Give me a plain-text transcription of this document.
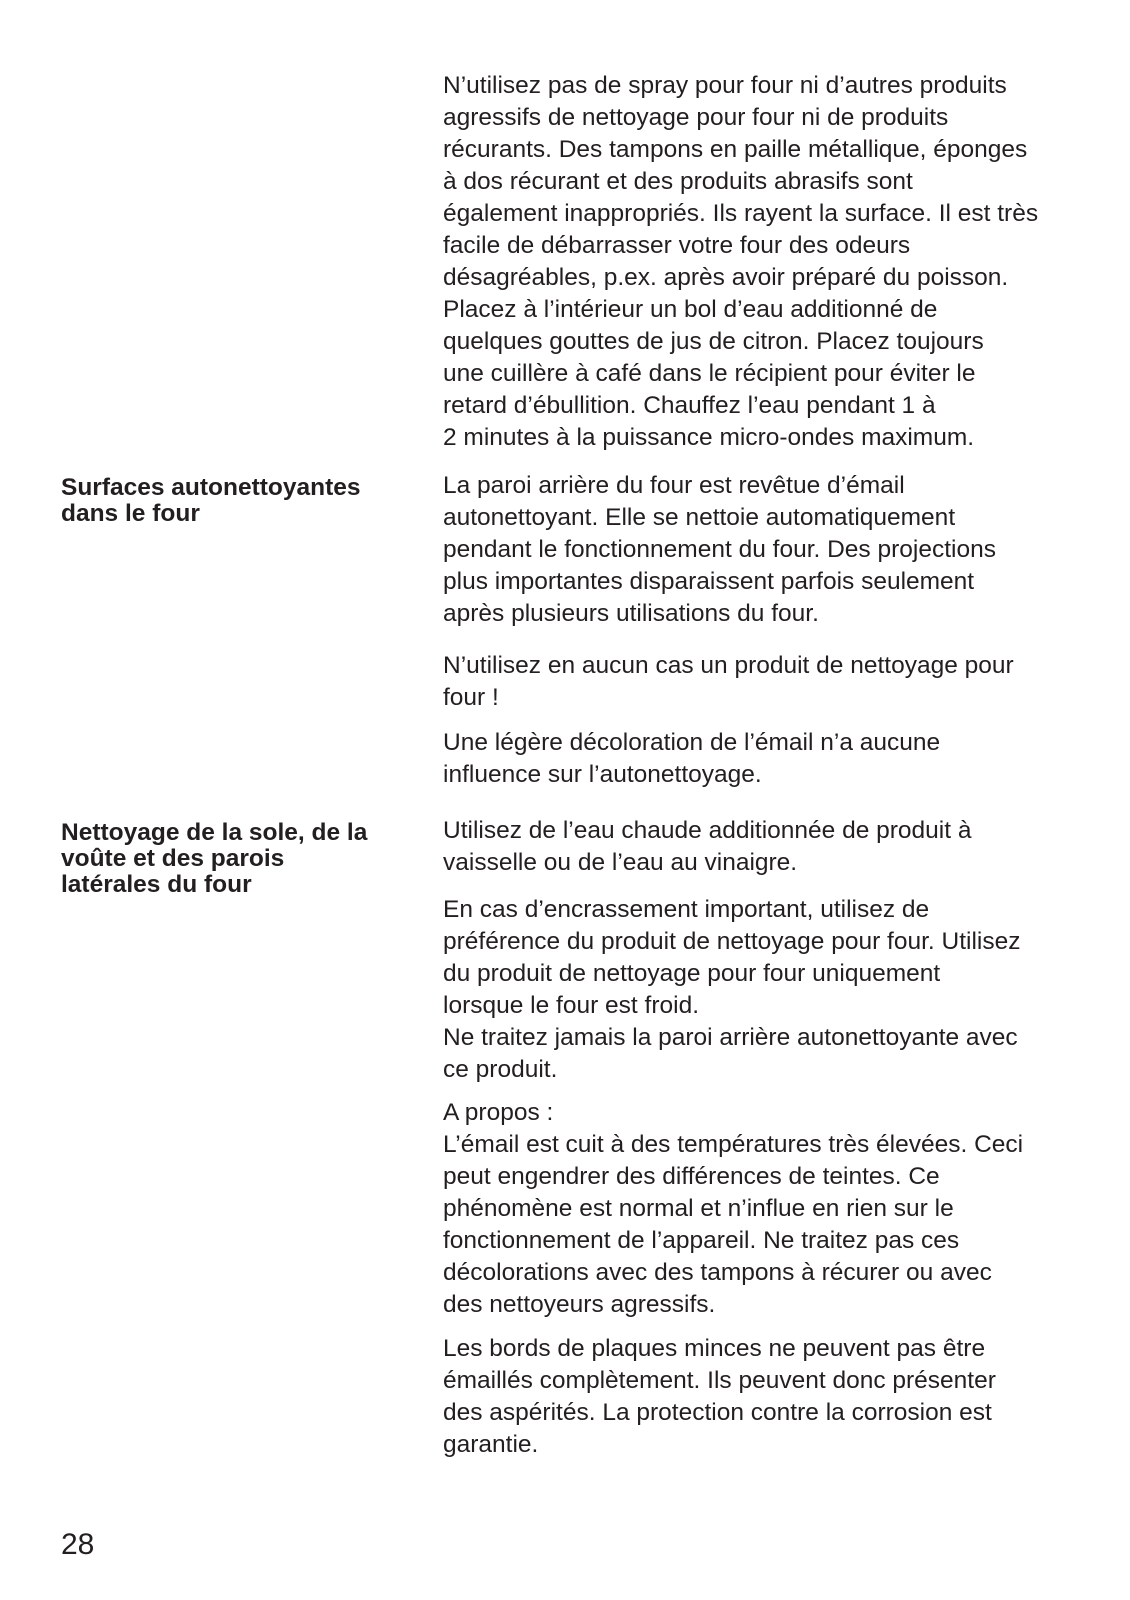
N’utilisez pas de spray pour four ni d’autres produits
agressifs de nettoyage pour four ni de produits
récurants. Des tampons en paille métallique, éponges
à dos récurant et des produits abrasifs sont
également inappropriés. Ils rayent la surface. Il est très
facile de débarrasser votre four des odeurs
désagréables, p.ex. après avoir préparé du poisson.
Placez à l’intérieur un bol d’eau additionné de
quelques gouttes de jus de citron. Placez toujours
une cuillère à café dans le récipient pour éviter le
retard d’ébullition. Chauffez l’eau pendant 1 à
2 minutes à la puissance micro-ondes maximum.

Surfaces autonettoyantes
dans le four

La paroi arrière du four est revêtue d’émail
autonettoyant. Elle se nettoie automatiquement
pendant le fonctionnement du four. Des projections
plus importantes disparaissent parfois seulement
après plusieurs utilisations du four.

N’utilisez en aucun cas un produit de nettoyage pour
four !

Une légère décoloration de l’émail n’a aucune
influence sur l’autonettoyage.

Nettoyage de la sole, de la
voûte et des parois
latérales du four

Utilisez de l’eau chaude additionnée de produit à
vaisselle ou de l’eau au vinaigre.

En cas d’encrassement important, utilisez de
préférence du produit de nettoyage pour four. Utilisez
du produit de nettoyage pour four uniquement
lorsque le four est froid.
Ne traitez jamais la paroi arrière autonettoyante avec
ce produit.

A propos :
L’émail est cuit à des températures très élevées. Ceci
peut engendrer des différences de teintes. Ce
phénomène est normal et n’influe en rien sur le
fonctionnement de l’appareil. Ne traitez pas ces
décolorations avec des tampons à récurer ou avec
des nettoyeurs agressifs.

Les bords de plaques minces ne peuvent pas être
émaillés complètement. Ils peuvent donc présenter
des aspérités. La protection contre la corrosion est
garantie.

28
